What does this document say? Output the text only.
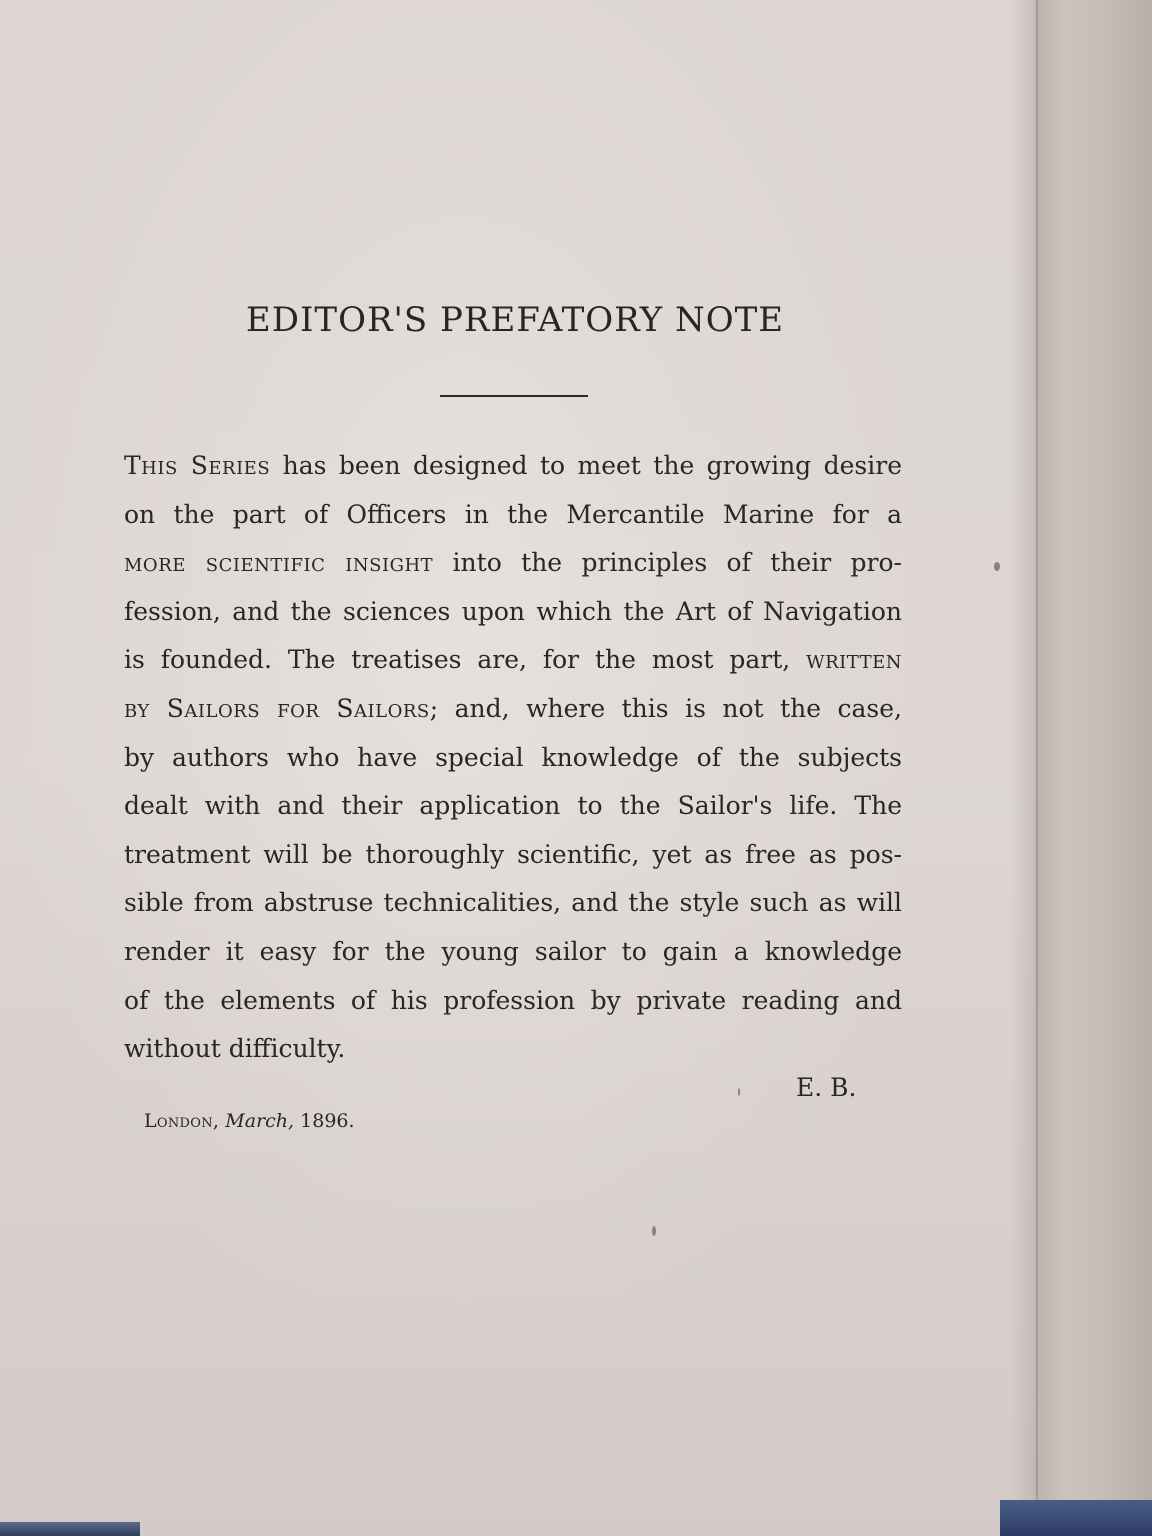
EDITOR'S PREFATORY NOTE
This Series has been designed to meet the growing desire
on the part of Officers in the Mercantile Marine for a
more scientific insight into the principles of their pro-
fession, and the sciences upon which the Art of Navigation
is founded. The treatises are, for the most part, written
by Sailors for Sailors; and, where this is not the case,
by authors who have special knowledge of the subjects
dealt with and their application to the Sailor's life. The
treatment will be thoroughly scientific, yet as free as pos-
sible from abstruse technicalities, and the style such as will
render it easy for the young sailor to gain a knowledge
of the elements of his profession by private reading and
without difficulty.
E. B.
London, March, 1896.
